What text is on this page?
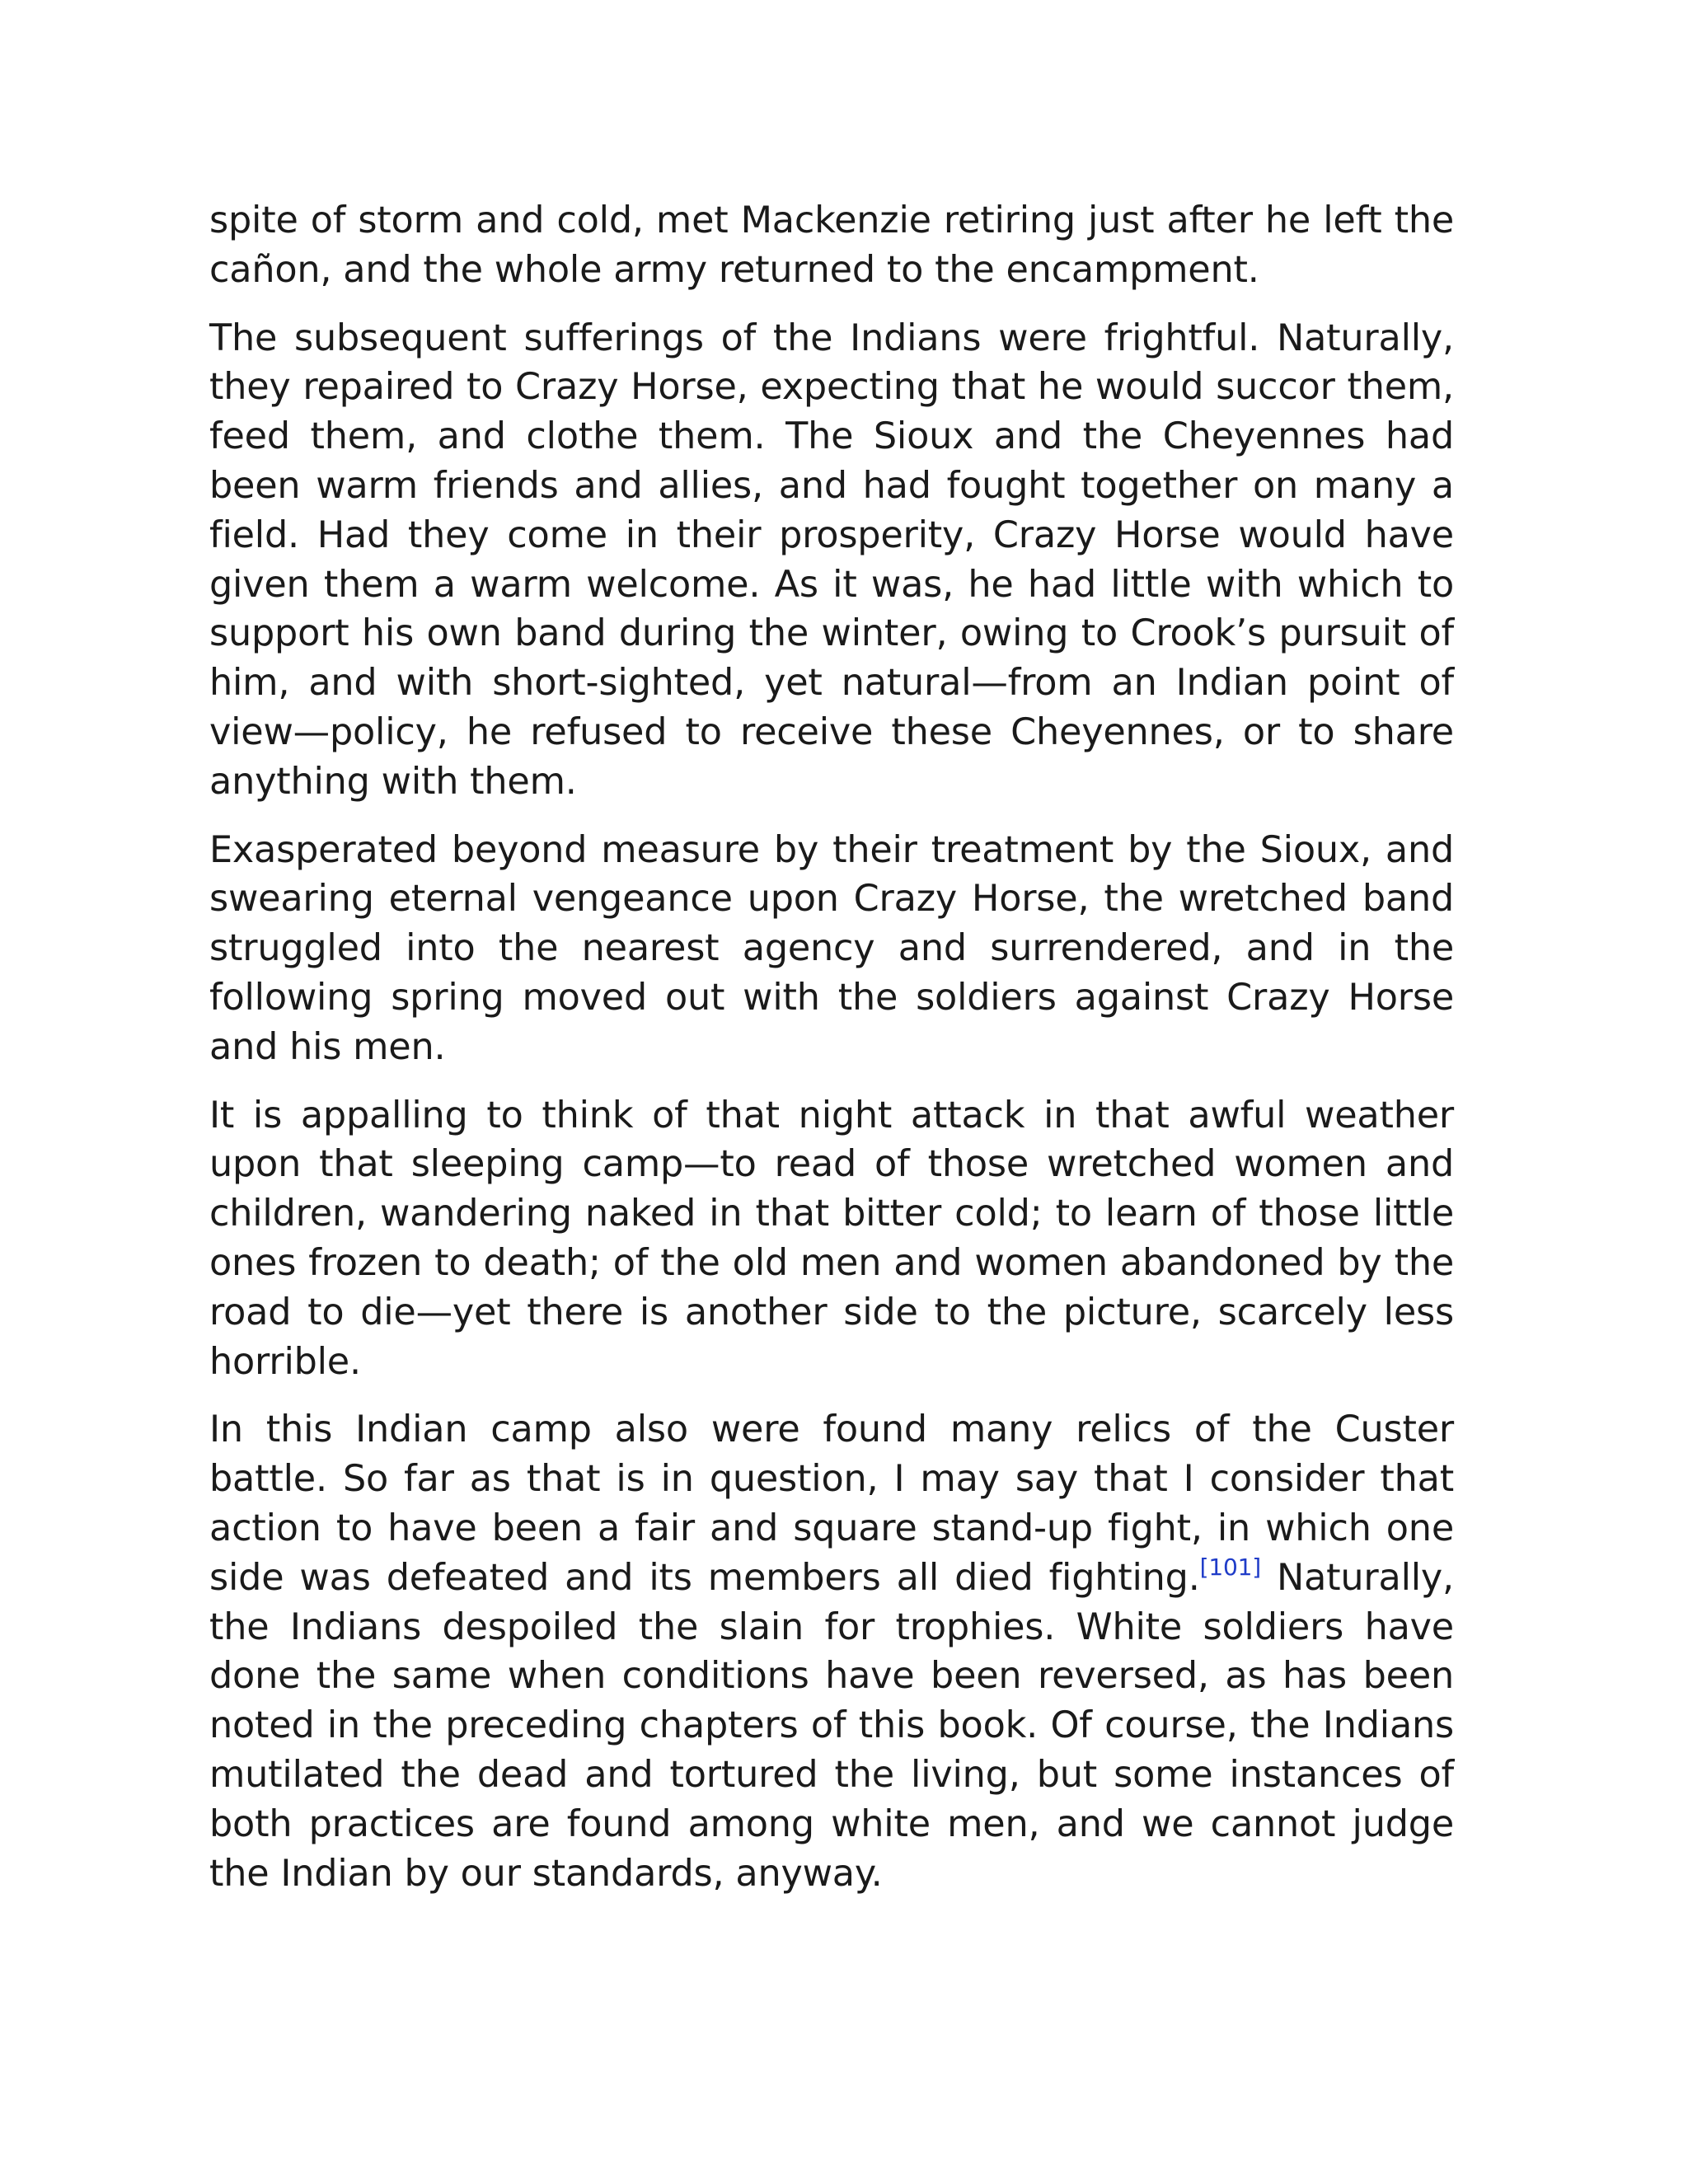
spite of storm and cold, met Mackenzie retiring just after he left the cañon, and the whole army returned to the encampment.

The subsequent sufferings of the Indians were frightful. Naturally, they repaired to Crazy Horse, expecting that he would succor them, feed them, and clothe them. The Sioux and the Cheyennes had been warm friends and allies, and had fought together on many a field. Had they come in their prosperity, Crazy Horse would have given them a warm welcome. As it was, he had little with which to support his own band during the winter, owing to Crook’s pursuit of him, and with short-sighted, yet natural—from an Indian point of view—policy, he refused to receive these Cheyennes, or to share anything with them.

Exasperated beyond measure by their treatment by the Sioux, and swearing eternal vengeance upon Crazy Horse, the wretched band struggled into the nearest agency and surrendered, and in the following spring moved out with the soldiers against Crazy Horse and his men.

It is appalling to think of that night attack in that awful weather upon that sleeping camp—to read of those wretched women and children, wandering naked in that bitter cold; to learn of those little ones frozen to death; of the old men and women abandoned by the road to die—yet there is another side to the picture, scarcely less horrible.

In this Indian camp also were found many relics of the Custer battle. So far as that is in question, I may say that I consider that action to have been a fair and square stand-up fight, in which one side was defeated and its members all died fighting.[101] Naturally, the Indians despoiled the slain for trophies. White soldiers have done the same when conditions have been reversed, as has been noted in the preceding chapters of this book. Of course, the Indians mutilated the dead and tortured the living, but some instances of both practices are found among white men, and we cannot judge the Indian by our standards, anyway.
